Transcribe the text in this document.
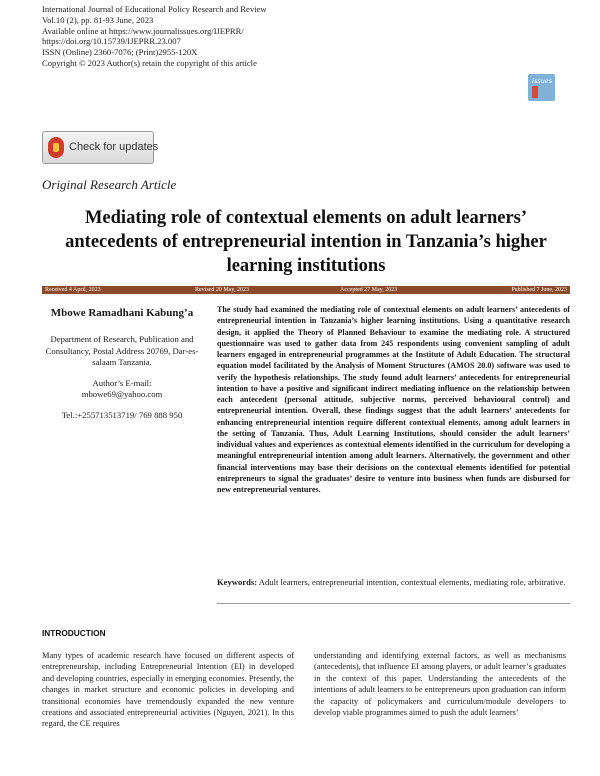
International Journal of Educational Policy Research and Review
Vol.10 (2), pp. 81-93 June, 2023
Available online at https://www.journalissues.org/IJEPRR/
https://doi.org/10.15739/IJEPRR.23.007
ISSN (Online) 2360-7076; (Print)2955-120X
Copyright © 2023 Author(s) retain the copyright of this article
issues
Check for updates
Original Research Article
Mediating role of contextual elements on adult learners’ antecedents of entrepreneurial intention in Tanzania’s higher learning institutions
Received 4 April, 2023	Revised 20 May, 2023	Accepted 27 May, 2023	Published 7 June, 2023
Mbowe Ramadhani Kabung’a
Department of Research, Publication and Consultancy, Postal Address 20769, Dar-es-salaam Tanzania.
Author’s E-mail:
mbowe69@yahoo.com
Tel.:+255713513719/ 769 888 950
The study had examined the mediating role of contextual elements on adult learners’ antecedents of entrepreneurial intention in Tanzania’s higher learning institutions. Using a quantitative research design, it applied the Theory of Planned Behaviour to examine the mediating role. A structured questionnaire was used to gather data from 245 respondents using convenient sampling of adult learners engaged in entrepreneurial programmes at the Institute of Adult Education. The structural equation model facilitated by the Analysis of Moment Structures (AMOS 20.0) software was used to verify the hypothesis relationships. The study found adult learners’ antecedents for entrepreneurial intention to have a positive and significant indirect mediating influence on the relationship between each antecedent (personal attitude, subjective norms, perceived behavioural control) and entrepreneurial intention. Overall, these findings suggest that the adult learners’ antecedents for enhancing entrepreneurial intention require different contextual elements, among adult learners in the setting of Tanzania. Thus, Adult Learning Institutions, should consider the adult learners’ individual values and experiences as contextual elements identified in the curriculum for developing a meaningful entrepreneurial intention among adult learners. Alternatively, the government and other financial interventions may base their decisions on the contextual elements identified for potential entrepreneurs to signal the graduates’ desire to venture into business when funds are disbursed for new entrepreneurial ventures.
Keywords: Adult learners, entrepreneurial intention, contextual elements, mediating role, arbitrative.
INTRODUCTION
Many types of academic research have focused on different aspects of entrepreneurship, including Entrepreneurial Intention (EI) in developed and developing countries, especially in emerging economies. Presently, the changes in market structure and economic policies in developing and transitional economies have tremendously expanded the new venture creations and associated entrepreneurial activities (Nguyen, 2021). In this regard, the CE requires
understanding and identifying external factors, as well as mechanisms (antecedents), that influence EI among players, or adult learner’s graduates in the context of this paper. Understanding the antecedents of the intentions of adult learners to be entrepreneurs upon graduation can inform the capacity of policymakers and curriculum/module developers to develop viable programmes aimed to push the adult learners’
